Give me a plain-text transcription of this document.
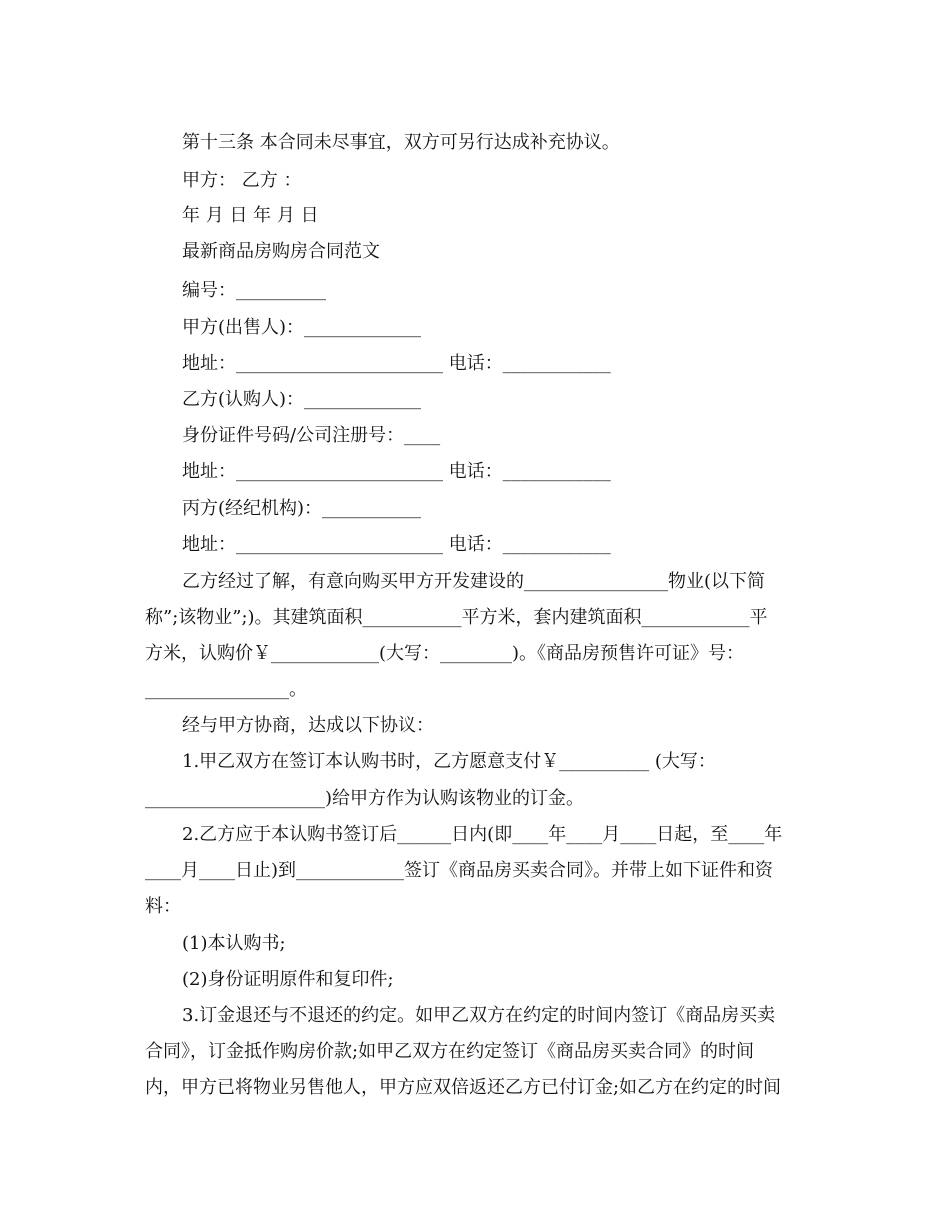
第十三条 本合同未尽事宜，双方可另行达成补充协议。
甲方： 乙方 ：
年 月 日 年 月 日
最新商品房购房合同范文
编号：__________
甲方(出售人)：_____________
地址：_______________________ 电话：____________
乙方(认购人)：_____________
身份证件号码/公司注册号：____
地址：_______________________ 电话：____________
丙方(经纪机构)：___________
地址：_______________________ 电话：____________
乙方经过了解，有意向购买甲方开发建设的________________物业(以下简
称”;该物业”;)。其建筑面积___________平方米，套内建筑面积____________平
方米，认购价￥____________(大写：________)。《商品房预售许可证》号：
________________。
经与甲方协商，达成以下协议：
1.甲乙双方在签订本认购书时，乙方愿意支付￥__________ (大写：
____________________)给甲方作为认购该物业的订金。
2.乙方应于本认购书签订后______日内(即____年____月____日起，至____年
____月____日止)到____________签订《商品房买卖合同》。并带上如下证件和资
料：
(1)本认购书;
(2)身份证明原件和复印件;
3.订金退还与不退还的约定。如甲乙双方在约定的时间内签订《商品房买卖
合同》，订金抵作购房价款;如甲乙双方在约定签订《商品房买卖合同》的时间
内，甲方已将物业另售他人，甲方应双倍返还乙方已付订金;如乙方在约定的时间
